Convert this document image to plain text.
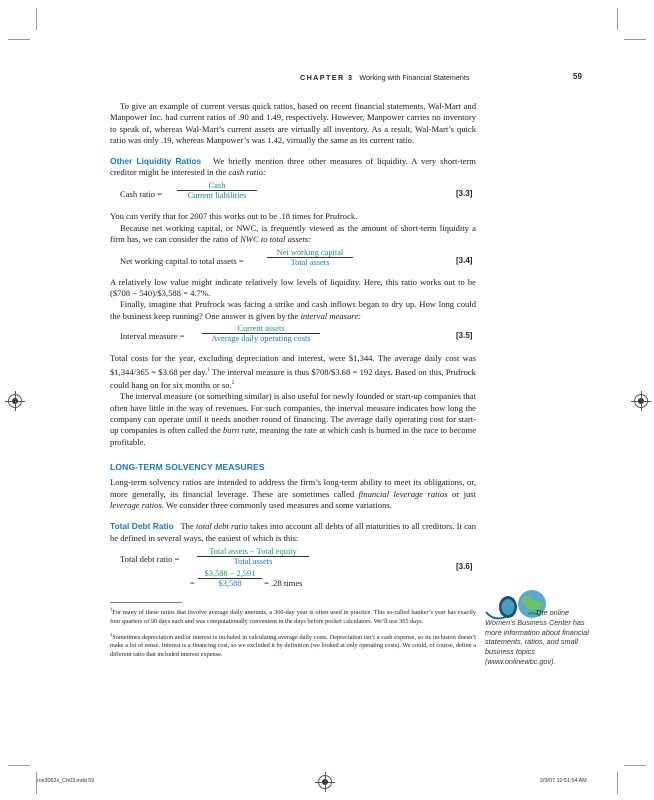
CHAPTER 3 Working with Financial Statements	59

To give an example of current versus quick ratios, based on recent financial statements, Wal-Mart and Manpower Inc. had current ratios of .90 and 1.49, respectively. However, Manpower carries no inventory to speak of, whereas Wal-Mart’s current assets are virtually all inventory. As a result, Wal-Mart’s quick ratio was only .19, whereas Manpower’s was 1.42, virtually the same as its current ratio.

Other Liquidity Ratios We briefly mention three other measures of liquidity. A very short-term creditor might be interested in the cash ratio:

Cash ratio =
Cash
Current liabilities	[3.3]

You can verify that for 2007 this works out to be .18 times for Prufrock.

Because net working capital, or NWC, is frequently viewed as the amount of short-term liquidity a firm has, we can consider the ratio of NWC to total assets:

Net working capital to total assets =
Net working capital
Total assets	[3.4]

A relatively low value might indicate relatively low levels of liquidity. Here, this ratio works out to be ($708 − 540)/$3,588 = 4.7%.

Finally, imagine that Prufrock was facing a strike and cash inflows began to dry up. How long could the business keep running? One answer is given by the interval measure:

Interval measure =
Current assets
Average daily operating costs	[3.5]

Total costs for the year, excluding depreciation and interest, were $1,344. The average daily cost was $1,344/365 = $3.68 per day.$^1$ The interval measure is thus $708/$3.68 = 192 days. Based on this, Prufrock could hang on for six months or so.$^2$

The interval measure (or something similar) is also useful for newly founded or start-up companies that often have little in the way of revenues. For such companies, the interval measure indicates how long the company can operate until it needs another round of financing. The average daily operating cost for start-up companies is often called the burn rate, meaning the rate at which cash is burned in the race to become profitable.

LONG-TERM SOLVENCY MEASURES

Long-term solvency ratios are intended to address the firm’s long-term ability to meet its obligations, or, more generally, its financial leverage. These are sometimes called financial leverage ratios or just leverage ratios. We consider three commonly used measures and some variations.

Total Debt Ratio The total debt ratio takes into account all debts of all maturities to all creditors. It can be defined in several ways, the easiest of which is this:

Total debt ratio =
Total assets − Total equity
Total assets
=
$3,588 − 2,591
$3,588	= .28 times
[3.6]

$^1$For many of these ratios that involve average daily amounts, a 360-day year is often used in practice. This so-called banker’s year has exactly four quarters of 90 days each and was computationally convenient in the days before pocket calculators. We’ll use 365 days.

$^2$Sometimes depreciation and/or interest is included in calculating average daily costs. Depreciation isn’t a cash expense, so its inclusion doesn’t make a lot of sense. Interest is a financing cost, so we excluded it by definition (we looked at only operating costs). We could, of course, define a different ratio that included interest expense.

The online Women’s Business Center has more information about financial statements, ratios, and small business topics (www.onlinewbc.gov).
ros3062x_Ch03.indd 59	2/9/07 10:51:54 AM
